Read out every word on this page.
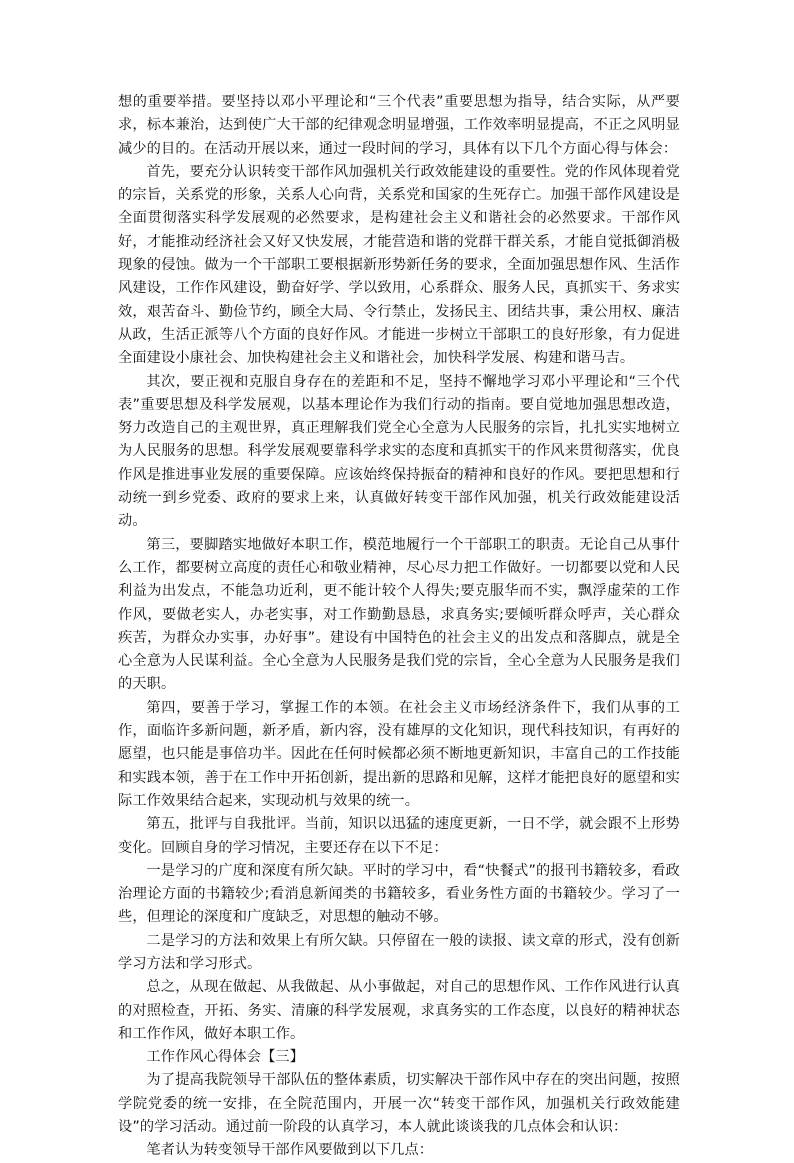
想的重要举措。要坚持以邓小平理论和“三个代表”重要思想为指导，结合实际，从严要求，标本兼治，达到使广大干部的纪律观念明显增强，工作效率明显提高，不正之风明显减少的目的。在活动开展以来，通过一段时间的学习，具体有以下几个方面心得与体会：

首先，要充分认识转变干部作风加强机关行政效能建设的重要性。党的作风体现着党的宗旨，关系党的形象，关系人心向背，关系党和国家的生死存亡。加强干部作风建设是全面贯彻落实科学发展观的必然要求，是构建社会主义和谐社会的必然要求。干部作风好，才能推动经济社会又好又快发展，才能营造和谐的党群干群关系，才能自觉抵御消极现象的侵蚀。做为一个干部职工要根据新形势新任务的要求，全面加强思想作风、生活作风建设，工作作风建设，勤奋好学、学以致用，心系群众、服务人民，真抓实干、务求实效，艰苦奋斗、勤俭节约，顾全大局、令行禁止，发扬民主、团结共事，秉公用权、廉洁从政，生活正派等八个方面的良好作风。才能进一步树立干部职工的良好形象，有力促进全面建设小康社会、加快构建社会主义和谐社会，加快科学发展、构建和谐马吉。

其次，要正视和克服自身存在的差距和不足，坚持不懈地学习邓小平理论和“三个代表”重要思想及科学发展观，以基本理论作为我们行动的指南。要自觉地加强思想改造，努力改造自己的主观世界，真正理解我们党全心全意为人民服务的宗旨，扎扎实实地树立为人民服务的思想。科学发展观要靠科学求实的态度和真抓实干的作风来贯彻落实，优良作风是推进事业发展的重要保障。应该始终保持振奋的精神和良好的作风。要把思想和行动统一到乡党委、政府的要求上来，认真做好转变干部作风加强，机关行政效能建设活动。

第三，要脚踏实地做好本职工作，模范地履行一个干部职工的职责。无论自己从事什么工作，都要树立高度的责任心和敬业精神，尽心尽力把工作做好。一切都要以党和人民利益为出发点，不能急功近利，更不能计较个人得失;要克服华而不实，飘浮虚荣的工作作风，要做老实人，办老实事，对工作勤勤恳恳，求真务实;要倾听群众呼声，关心群众疾苦，为群众办实事，办好事”。建设有中国特色的社会主义的出发点和落脚点，就是全心全意为人民谋利益。全心全意为人民服务是我们党的宗旨，全心全意为人民服务是我们的天职。

第四，要善于学习，掌握工作的本领。在社会主义市场经济条件下，我们从事的工作，面临许多新问题，新矛盾，新内容，没有雄厚的文化知识，现代科技知识，有再好的愿望，也只能是事倍功半。因此在任何时候都必须不断地更新知识，丰富自己的工作技能和实践本领，善于在工作中开拓创新，提出新的思路和见解，这样才能把良好的愿望和实际工作效果结合起来，实现动机与效果的统一。

第五，批评与自我批评。当前，知识以迅猛的速度更新，一日不学，就会跟不上形势变化。回顾自身的学习情况，主要还存在以下不足：

一是学习的广度和深度有所欠缺。平时的学习中，看“快餐式”的报刊书籍较多，看政治理论方面的书籍较少;看消息新闻类的书籍较多，看业务性方面的书籍较少。学习了一些，但理论的深度和广度缺乏，对思想的触动不够。

二是学习的方法和效果上有所欠缺。只停留在一般的读报、读文章的形式，没有创新学习方法和学习形式。

总之，从现在做起、从我做起、从小事做起，对自己的思想作风、工作作风进行认真的对照检查，开拓、务实、清廉的科学发展观，求真务实的工作态度，以良好的精神状态和工作作风，做好本职工作。

工作作风心得体会【三】

为了提高我院领导干部队伍的整体素质，切实解决干部作风中存在的突出问题，按照学院党委的统一安排，在全院范围内，开展一次“转变干部作风，加强机关行政效能建设”的学习活动。通过前一阶段的认真学习，本人就此谈谈我的几点体会和认识：

笔者认为转变领导干部作风要做到以下几点：
